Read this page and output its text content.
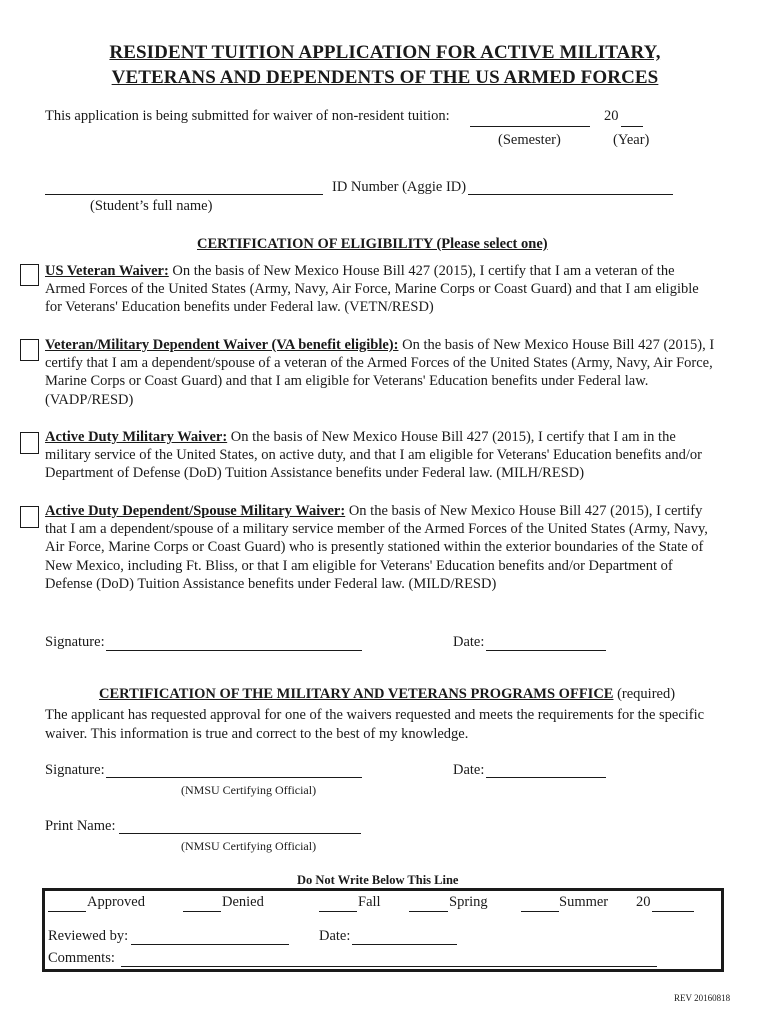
RESIDENT TUITION APPLICATION FOR ACTIVE MILITARY,
VETERANS AND DEPENDENTS OF THE US ARMED FORCES
This application is being submitted for waiver of non-resident tuition:	20
(Semester)	(Year)
ID Number (Aggie ID)
(Student’s full name)
CERTIFICATION OF ELIGIBILITY (Please select one)
US Veteran Waiver: On the basis of New Mexico House Bill 427 (2015), I certify that I am a veteran of the Armed Forces of the United States (Army, Navy, Air Force, Marine Corps or Coast Guard) and that I am eligible for Veterans' Education benefits under Federal law. (VETN/RESD)
Veteran/Military Dependent Waiver (VA benefit eligible): On the basis of New Mexico House Bill 427 (2015), I certify that I am a dependent/spouse of a veteran of the Armed Forces of the United States (Army, Navy, Air Force, Marine Corps or Coast Guard) and that I am eligible for Veterans' Education benefits under Federal law. (VADP/RESD)
Active Duty Military Waiver: On the basis of New Mexico House Bill 427 (2015), I certify that I am in the military service of the United States, on active duty, and that I am eligible for Veterans' Education benefits and/or Department of Defense (DoD) Tuition Assistance benefits under Federal law. (MILH/RESD)
Active Duty Dependent/Spouse Military Waiver: On the basis of New Mexico House Bill 427 (2015), I certify that I am a dependent/spouse of a military service member of the Armed Forces of the United States (Army, Navy, Air Force, Marine Corps or Coast Guard) who is presently stationed within the exterior boundaries of the State of New Mexico, including Ft. Bliss, or that I am eligible for Veterans' Education benefits and/or Department of Defense (DoD) Tuition Assistance benefits under Federal law. (MILD/RESD)
Signature:	Date:
CERTIFICATION OF THE MILITARY AND VETERANS PROGRAMS OFFICE (required)
The applicant has requested approval for one of the waivers requested and meets the requirements for the specific waiver. This information is true and correct to the best of my knowledge.
Signature:	Date:
(NMSU Certifying Official)
Print Name:
(NMSU Certifying Official)
Do Not Write Below This Line
Approved	Denied	Fall	Spring	Summer 20
Reviewed by:	Date:
Comments:
REV 20160818
